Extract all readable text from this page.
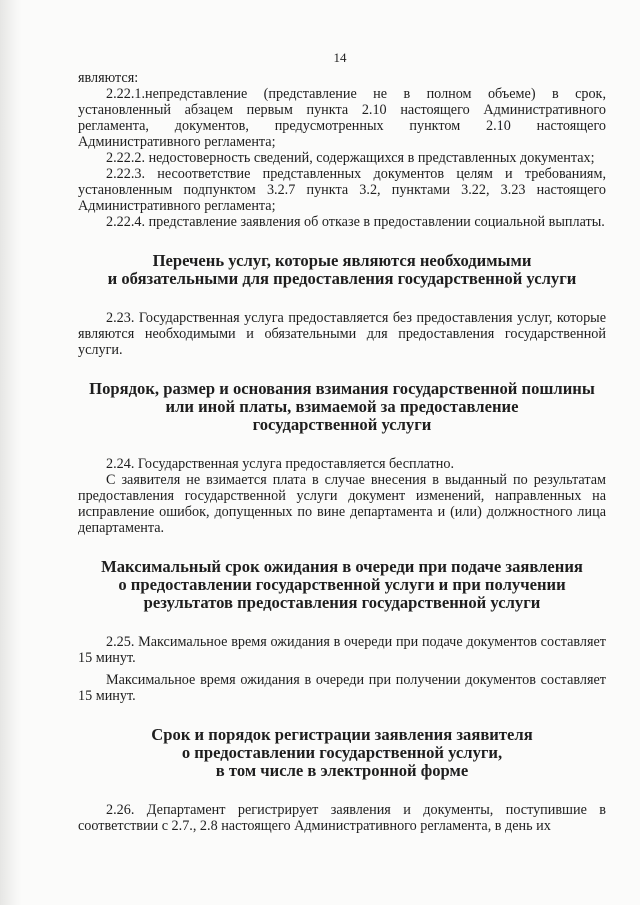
14

являются:

2.22.1.непредставление (представление не в полном объеме) в срок, установленный абзацем первым пункта 2.10 настоящего Административного регламента, документов, предусмотренных пунктом 2.10 настоящего Административного регламента;

2.22.2. недостоверность сведений, содержащихся в представленных документах;

2.22.3. несоответствие представленных документов целям и требованиям, установленным подпунктом 3.2.7 пункта 3.2, пунктами 3.22, 3.23 настоящего Административного регламента;

2.22.4. представление заявления об отказе в предоставлении социальной выплаты.

Перечень услуг, которые являются необходимыми
и обязательными для предоставления государственной услуги

2.23. Государственная услуга предоставляется без предоставления услуг, которые являются необходимыми и обязательными для предоставления государственной услуги.

Порядок, размер и основания взимания государственной пошлины
или иной платы, взимаемой за предоставление
государственной услуги

2.24. Государственная услуга предоставляется бесплатно.

С заявителя не взимается плата в случае внесения в выданный по результатам предоставления государственной услуги документ изменений, направленных на исправление ошибок, допущенных по вине департамента и (или) должностного лица департамента.

Максимальный срок ожидания в очереди при подаче заявления
о предоставлении государственной услуги и при получении
результатов предоставления государственной услуги

2.25. Максимальное время ожидания в очереди при подаче документов составляет 15 минут.

Максимальное время ожидания в очереди при получении документов составляет 15 минут.

Срок и порядок регистрации заявления заявителя
о предоставлении государственной услуги,
в том числе в электронной форме

2.26. Департамент регистрирует заявления и документы, поступившие в соответствии с 2.7., 2.8 настоящего Административного регламента, в день их
